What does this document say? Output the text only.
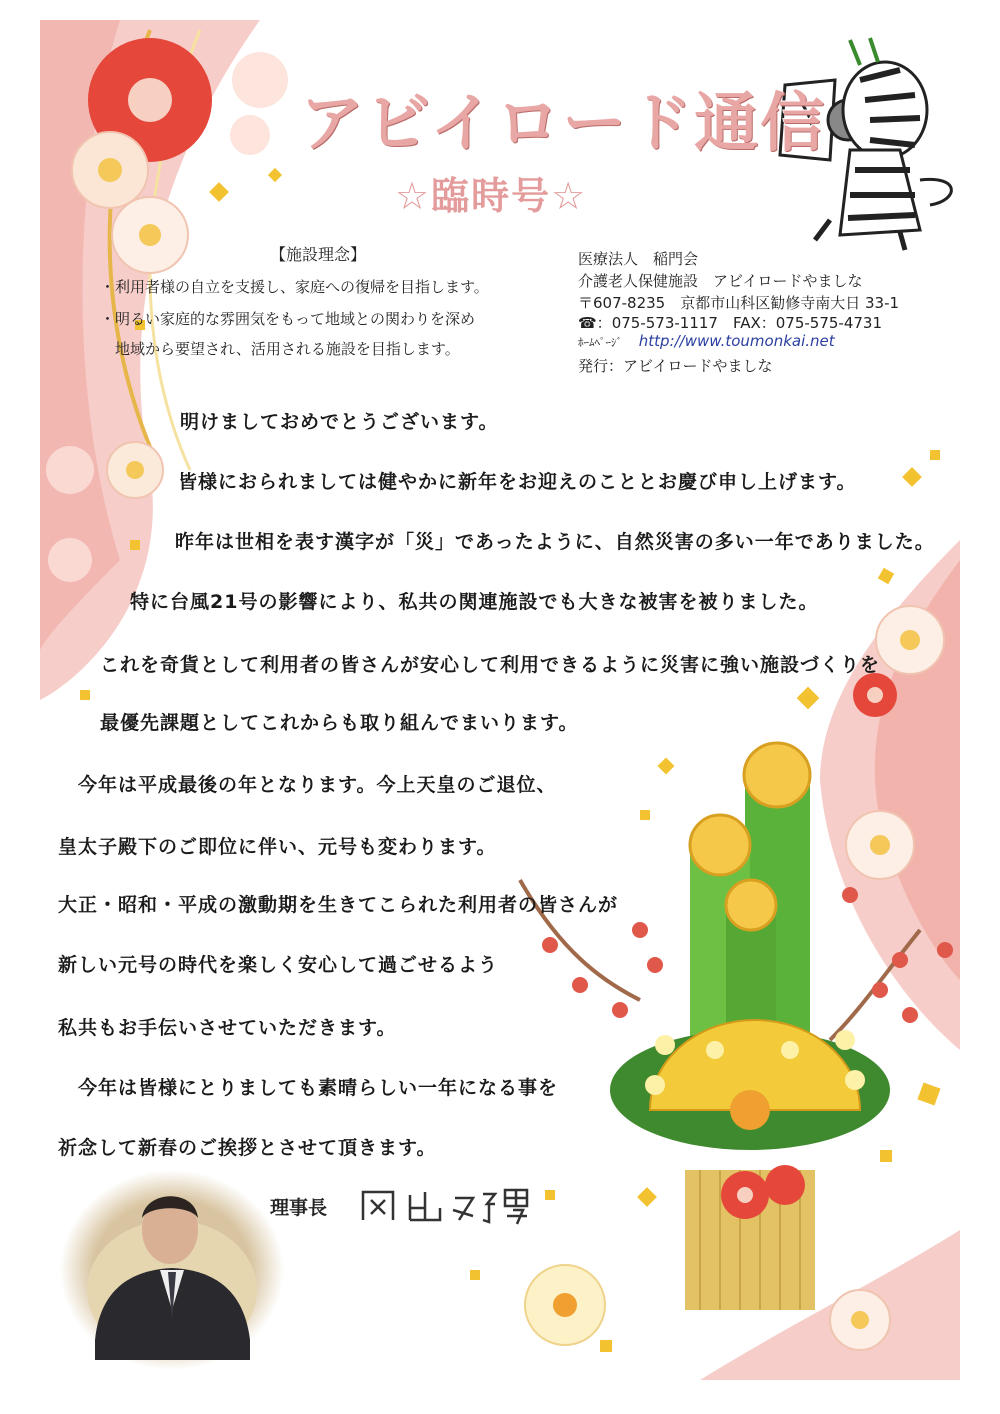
アビイロード通信
☆臨時号☆
【施設理念】
・利用者様の自立を支援し、家庭への復帰を目指します。
・明るい家庭的な雰囲気をもって地域との関わりを深め
地域から要望され、活用される施設を目指します。
医療法人　稲門会
介護老人保健施設　アビイロードやましな
〒607-8235　京都市山科区勧修寺南大日 33-1
☎：075-573-1117　FAX：075-575-4731
ﾎｰﾑﾍﾟｰｼﾞ http://www.toumonkai.net
発行：アビイロードやましな
明けましておめでとうございます。
皆様におられましては健やかに新年をお迎えのこととお慶び申し上げます。
昨年は世相を表す漢字が「災」であったように、自然災害の多い一年でありました。
特に台風21号の影響により、私共の関連施設でも大きな被害を被りました。
これを奇貨として利用者の皆さんが安心して利用できるように災害に強い施設づくりを
最優先課題としてこれからも取り組んでまいります。
今年は平成最後の年となります。今上天皇のご退位、
皇太子殿下のご即位に伴い、元号も変わります。
大正・昭和・平成の激動期を生きてこられた利用者の皆さんが
新しい元号の時代を楽しく安心して過ごせるよう
私共もお手伝いさせていただきます。
今年は皆様にとりましても素晴らしい一年になる事を
祈念して新春のご挨拶とさせて頂きます。
理事長
